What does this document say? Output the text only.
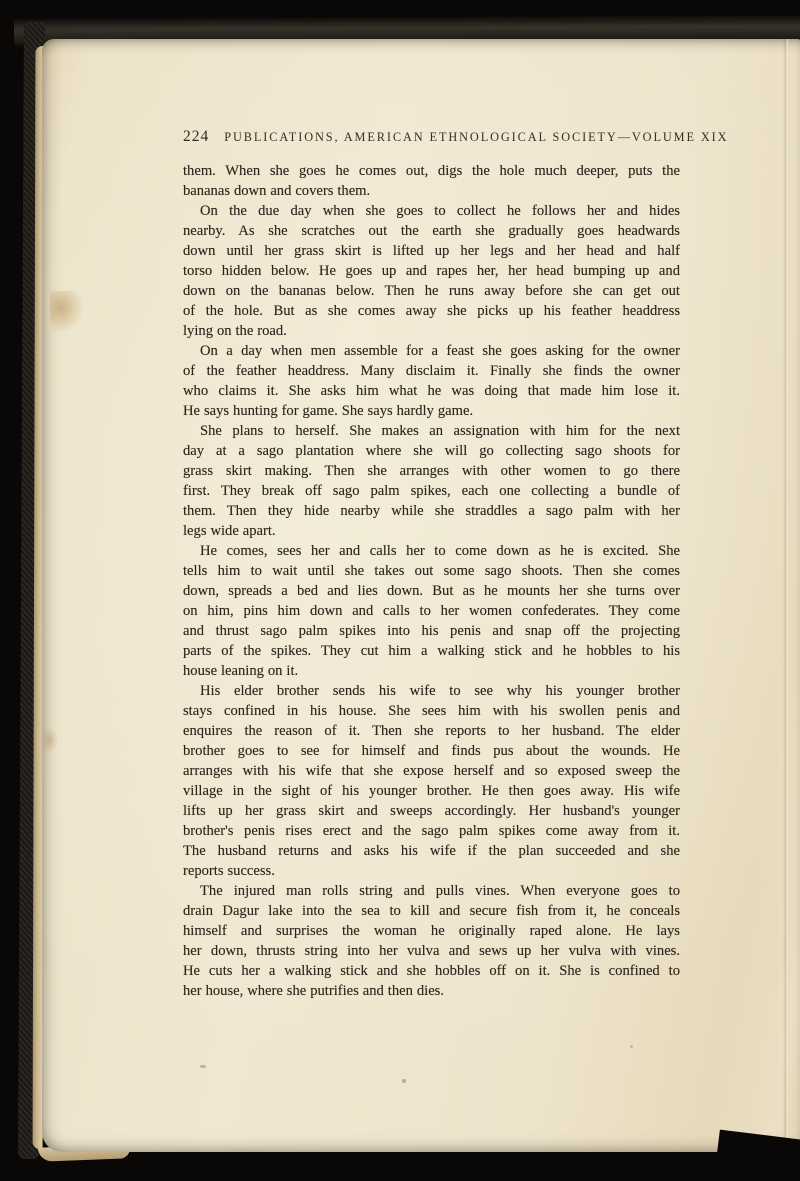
224 PUBLICATIONS, AMERICAN ETHNOLOGICAL SOCIETY—VOLUME XIX
them. When she goes he comes out, digs the hole much deeper, puts the
bananas down and covers them.
On the due day when she goes to collect he follows her and hides
nearby. As she scratches out the earth she gradually goes headwards
down until her grass skirt is lifted up her legs and her head and half
torso hidden below. He goes up and rapes her, her head bumping up and
down on the bananas below. Then he runs away before she can get out
of the hole. But as she comes away she picks up his feather headdress
lying on the road.
On a day when men assemble for a feast she goes asking for the owner
of the feather headdress. Many disclaim it. Finally she finds the owner
who claims it. She asks him what he was doing that made him lose it.
He says hunting for game. She says hardly game.
She plans to herself. She makes an assignation with him for the next
day at a sago plantation where she will go collecting sago shoots for
grass skirt making. Then she arranges with other women to go there
first. They break off sago palm spikes, each one collecting a bundle of
them. Then they hide nearby while she straddles a sago palm with her
legs wide apart.
He comes, sees her and calls her to come down as he is excited. She
tells him to wait until she takes out some sago shoots. Then she comes
down, spreads a bed and lies down. But as he mounts her she turns over
on him, pins him down and calls to her women confederates. They come
and thrust sago palm spikes into his penis and snap off the projecting
parts of the spikes. They cut him a walking stick and he hobbles to his
house leaning on it.
His elder brother sends his wife to see why his younger brother
stays confined in his house. She sees him with his swollen penis and
enquires the reason of it. Then she reports to her husband. The elder
brother goes to see for himself and finds pus about the wounds. He
arranges with his wife that she expose herself and so exposed sweep the
village in the sight of his younger brother. He then goes away. His wife
lifts up her grass skirt and sweeps accordingly. Her husband's younger
brother's penis rises erect and the sago palm spikes come away from it.
The husband returns and asks his wife if the plan succeeded and she
reports success.
The injured man rolls string and pulls vines. When everyone goes to
drain Dagur lake into the sea to kill and secure fish from it, he conceals
himself and surprises the woman he originally raped alone. He lays
her down, thrusts string into her vulva and sews up her vulva with vines.
He cuts her a walking stick and she hobbles off on it. She is confined to
her house, where she putrifies and then dies.
